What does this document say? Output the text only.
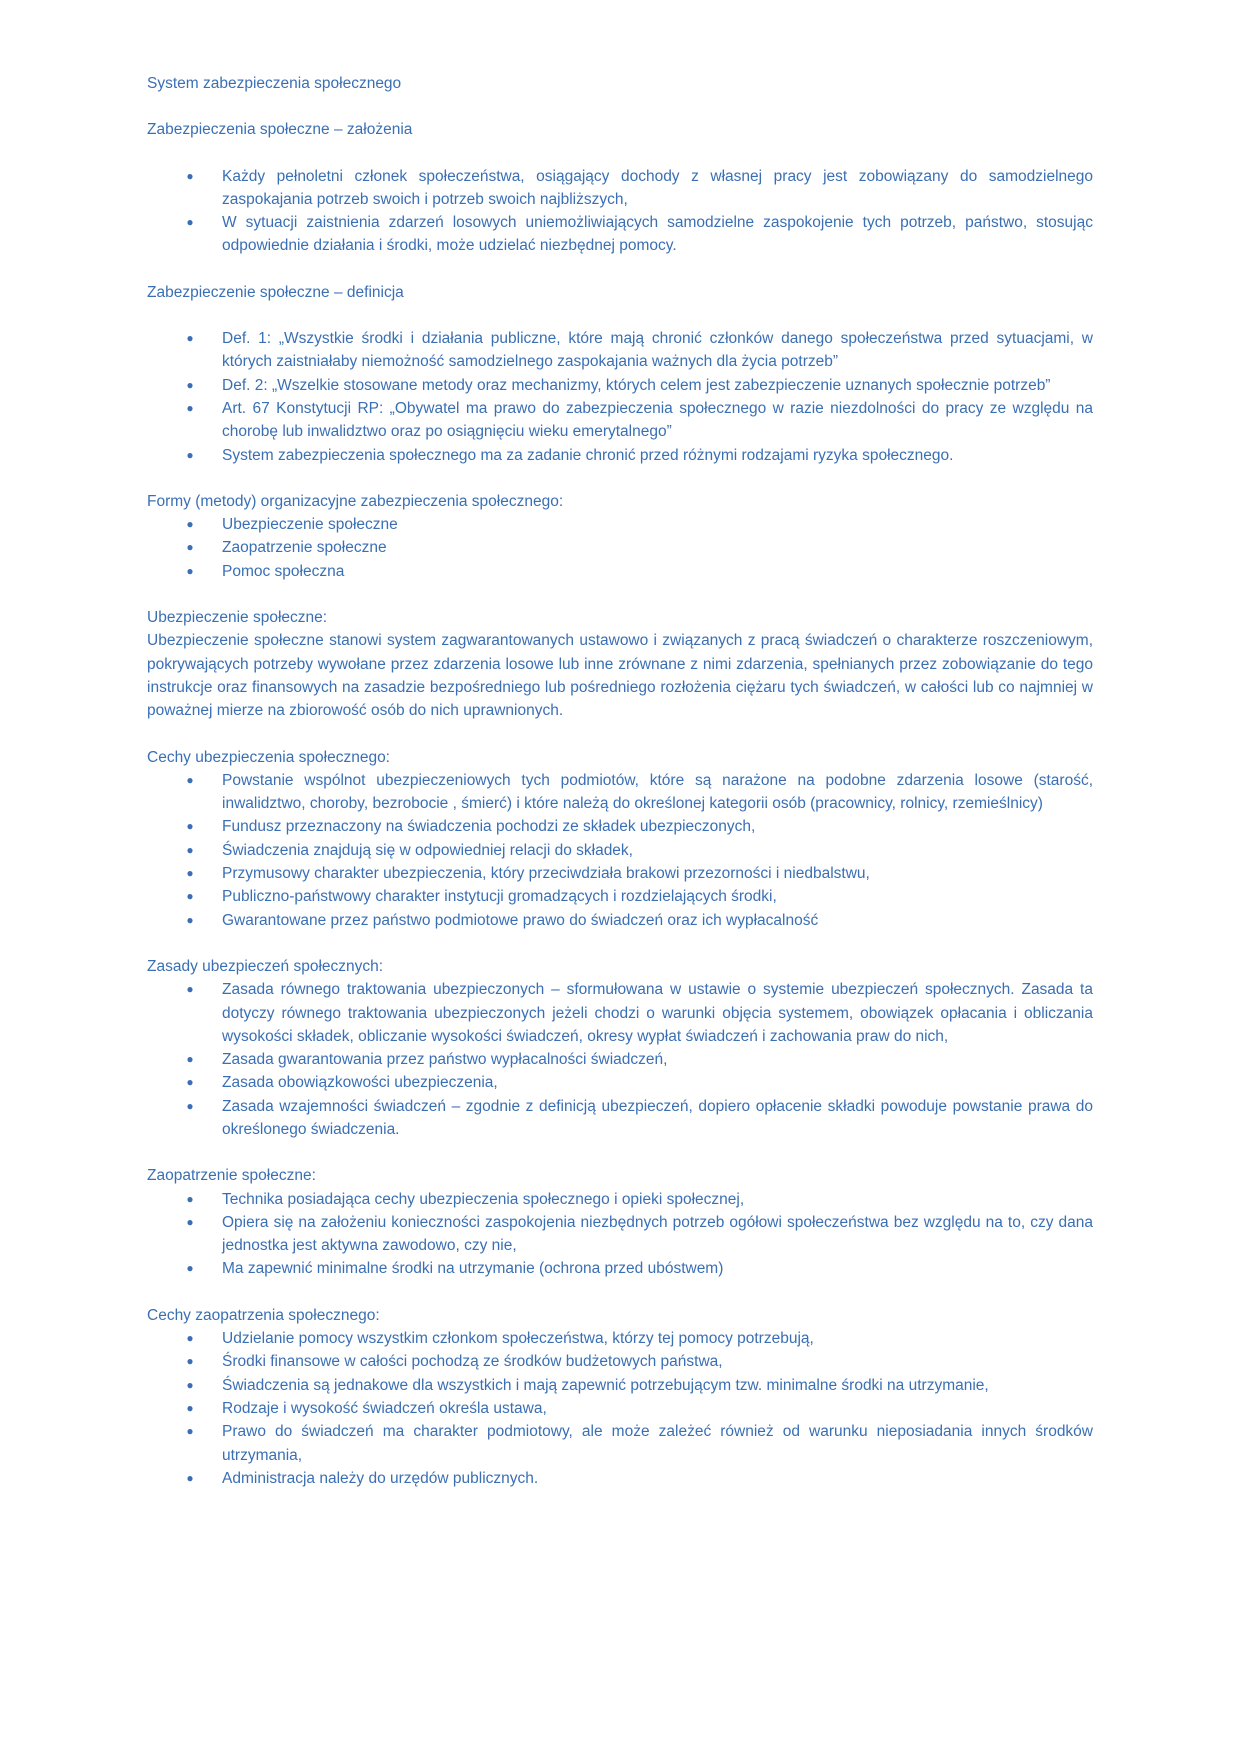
System zabezpieczenia społecznego

Zabezpieczenia społeczne – założenia

● Każdy pełnoletni członek społeczeństwa, osiągający dochody z własnej pracy jest zobowiązany do samodzielnego zaspokajania potrzeb swoich i potrzeb swoich najbliższych,
● W sytuacji zaistnienia zdarzeń losowych uniemożliwiających samodzielne zaspokojenie tych potrzeb, państwo, stosując odpowiednie działania i środki, może udzielać niezbędnej pomocy.

Zabezpieczenie społeczne – definicja

● Def. 1: „Wszystkie środki i działania publiczne, które mają chronić członków danego społeczeństwa przed sytuacjami, w których zaistniałaby niemożność samodzielnego zaspokajania ważnych dla życia potrzeb”
● Def. 2: „Wszelkie stosowane metody oraz mechanizmy, których celem jest zabezpieczenie uznanych społecznie potrzeb”
● Art. 67 Konstytucji RP: „Obywatel ma prawo do zabezpieczenia społecznego w razie niezdolności do pracy ze względu na chorobę lub inwalidztwo oraz po osiągnięciu wieku emerytalnego”
● System zabezpieczenia społecznego ma za zadanie chronić przed różnymi rodzajami ryzyka społecznego.

Formy (metody) organizacyjne zabezpieczenia społecznego:

● Ubezpieczenie społeczne
● Zaopatrzenie społeczne
● Pomoc społeczna

Ubezpieczenie społeczne:

Ubezpieczenie społeczne stanowi system zagwarantowanych ustawowo i związanych z pracą świadczeń o charakterze roszczeniowym, pokrywających potrzeby wywołane przez zdarzenia losowe lub inne zrównane z nimi zdarzenia, spełnianych przez zobowiązanie do tego instrukcje oraz finansowych na zasadzie bezpośredniego lub pośredniego rozłożenia ciężaru tych świadczeń, w całości lub co najmniej w poważnej mierze na zbiorowość osób do nich uprawnionych.

Cechy ubezpieczenia społecznego:

● Powstanie wspólnot ubezpieczeniowych tych podmiotów, które są narażone na podobne zdarzenia losowe (starość, inwalidztwo, choroby, bezrobocie , śmierć) i które należą do określonej kategorii osób (pracownicy, rolnicy, rzemieślnicy)
● Fundusz przeznaczony na świadczenia pochodzi ze składek ubezpieczonych,
● Świadczenia znajdują się w odpowiedniej relacji do składek,
● Przymusowy charakter ubezpieczenia, który przeciwdziała brakowi przezorności i niedbalstwu,
● Publiczno-państwowy charakter instytucji gromadzących i rozdzielających środki,
● Gwarantowane przez państwo podmiotowe prawo do świadczeń oraz ich wypłacalność

Zasady ubezpieczeń społecznych:

● Zasada równego traktowania ubezpieczonych – sformułowana w ustawie o systemie ubezpieczeń społecznych. Zasada ta dotyczy równego traktowania ubezpieczonych jeżeli chodzi o warunki objęcia systemem, obowiązek opłacania i obliczania wysokości składek, obliczanie wysokości świadczeń, okresy wypłat świadczeń i zachowania praw do nich,
● Zasada gwarantowania przez państwo wypłacalności świadczeń,
● Zasada obowiązkowości ubezpieczenia,
● Zasada wzajemności świadczeń – zgodnie z definicją ubezpieczeń, dopiero opłacenie składki powoduje powstanie prawa do określonego świadczenia.

Zaopatrzenie społeczne:

● Technika posiadająca cechy ubezpieczenia społecznego i opieki społecznej,
● Opiera się na założeniu konieczności zaspokojenia niezbędnych potrzeb ogółowi społeczeństwa bez względu na to, czy dana jednostka jest aktywna zawodowo, czy nie,
● Ma zapewnić minimalne środki na utrzymanie (ochrona przed ubóstwem)

Cechy zaopatrzenia społecznego:

● Udzielanie pomocy wszystkim członkom społeczeństwa, którzy tej pomocy potrzebują,
● Środki finansowe w całości pochodzą ze środków budżetowych państwa,
● Świadczenia są jednakowe dla wszystkich i mają zapewnić potrzebującym tzw. minimalne środki na utrzymanie,
● Rodzaje i wysokość świadczeń określa ustawa,
● Prawo do świadczeń ma charakter podmiotowy, ale może zależeć również od warunku nieposiadania innych środków utrzymania,
● Administracja należy do urzędów publicznych.
